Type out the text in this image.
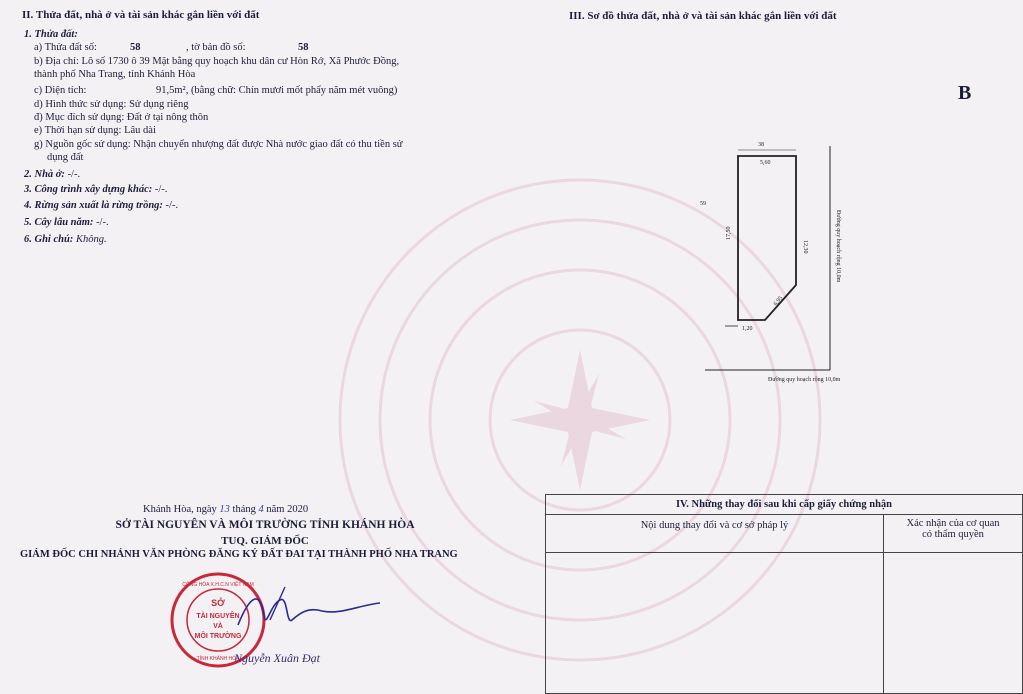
II. Thửa đất, nhà ở và tài sản khác gắn liền với đất
1. Thửa đất:
a) Thửa đất số:	58	, tờ bản đồ số:	58
b) Địa chỉ: Lô số 1730 ô 39 Mặt bằng quy hoạch khu dân cư Hòn Rớ, Xã Phước Đồng,
thành phố Nha Trang, tỉnh Khánh Hòa
c) Diện tích:	91,5m², (bằng chữ: Chín mươi mốt phẩy năm mét vuông)
d) Hình thức sử dụng: Sử dụng riêng
đ) Mục đích sử dụng: Đất ở tại nông thôn
e) Thời hạn sử dụng: Lâu dài
g) Nguồn gốc sử dụng: Nhận chuyển nhượng đất được Nhà nước giao đất có thu tiền sử
dụng đất
2. Nhà ở: -/-.
3. Công trình xây dựng khác: -/-.
4. Rừng sản xuất là rừng trồng: -/-.
5. Cây lâu năm: -/-.
6. Ghi chú: Không.
III. Sơ đồ thửa đất, nhà ở và tài sản khác gắn liền với đất
B
38
5,60
59
17,50
12,30
6,95
1,20
Đường quy hoạch rộng 10,0m
Đường quy hoạch rộng 10,0m
Khánh Hòa, ngày 13 tháng 4 năm 2020
SỞ TÀI NGUYÊN VÀ MÔI TRƯỜNG TỈNH KHÁNH HÒA
TUQ. GIÁM ĐỐC
GIÁM ĐỐC CHI NHÁNH VĂN PHÒNG ĐĂNG KÝ ĐẤT ĐAI TẠI THÀNH PHỐ NHA TRANG
SỞ
TÀI NGUYÊN
VÀ
MÔI TRƯỜNG
CỘNG HÒA X.H.C.N VIỆT NAM
TỈNH KHÁNH HÒA
Nguyễn Xuân Đạt
IV. Những thay đổi sau khi cấp giấy chứng nhận	
Nội dung thay đổi và cơ sở pháp lý	Xác nhận của cơ quan
có thẩm quyền
